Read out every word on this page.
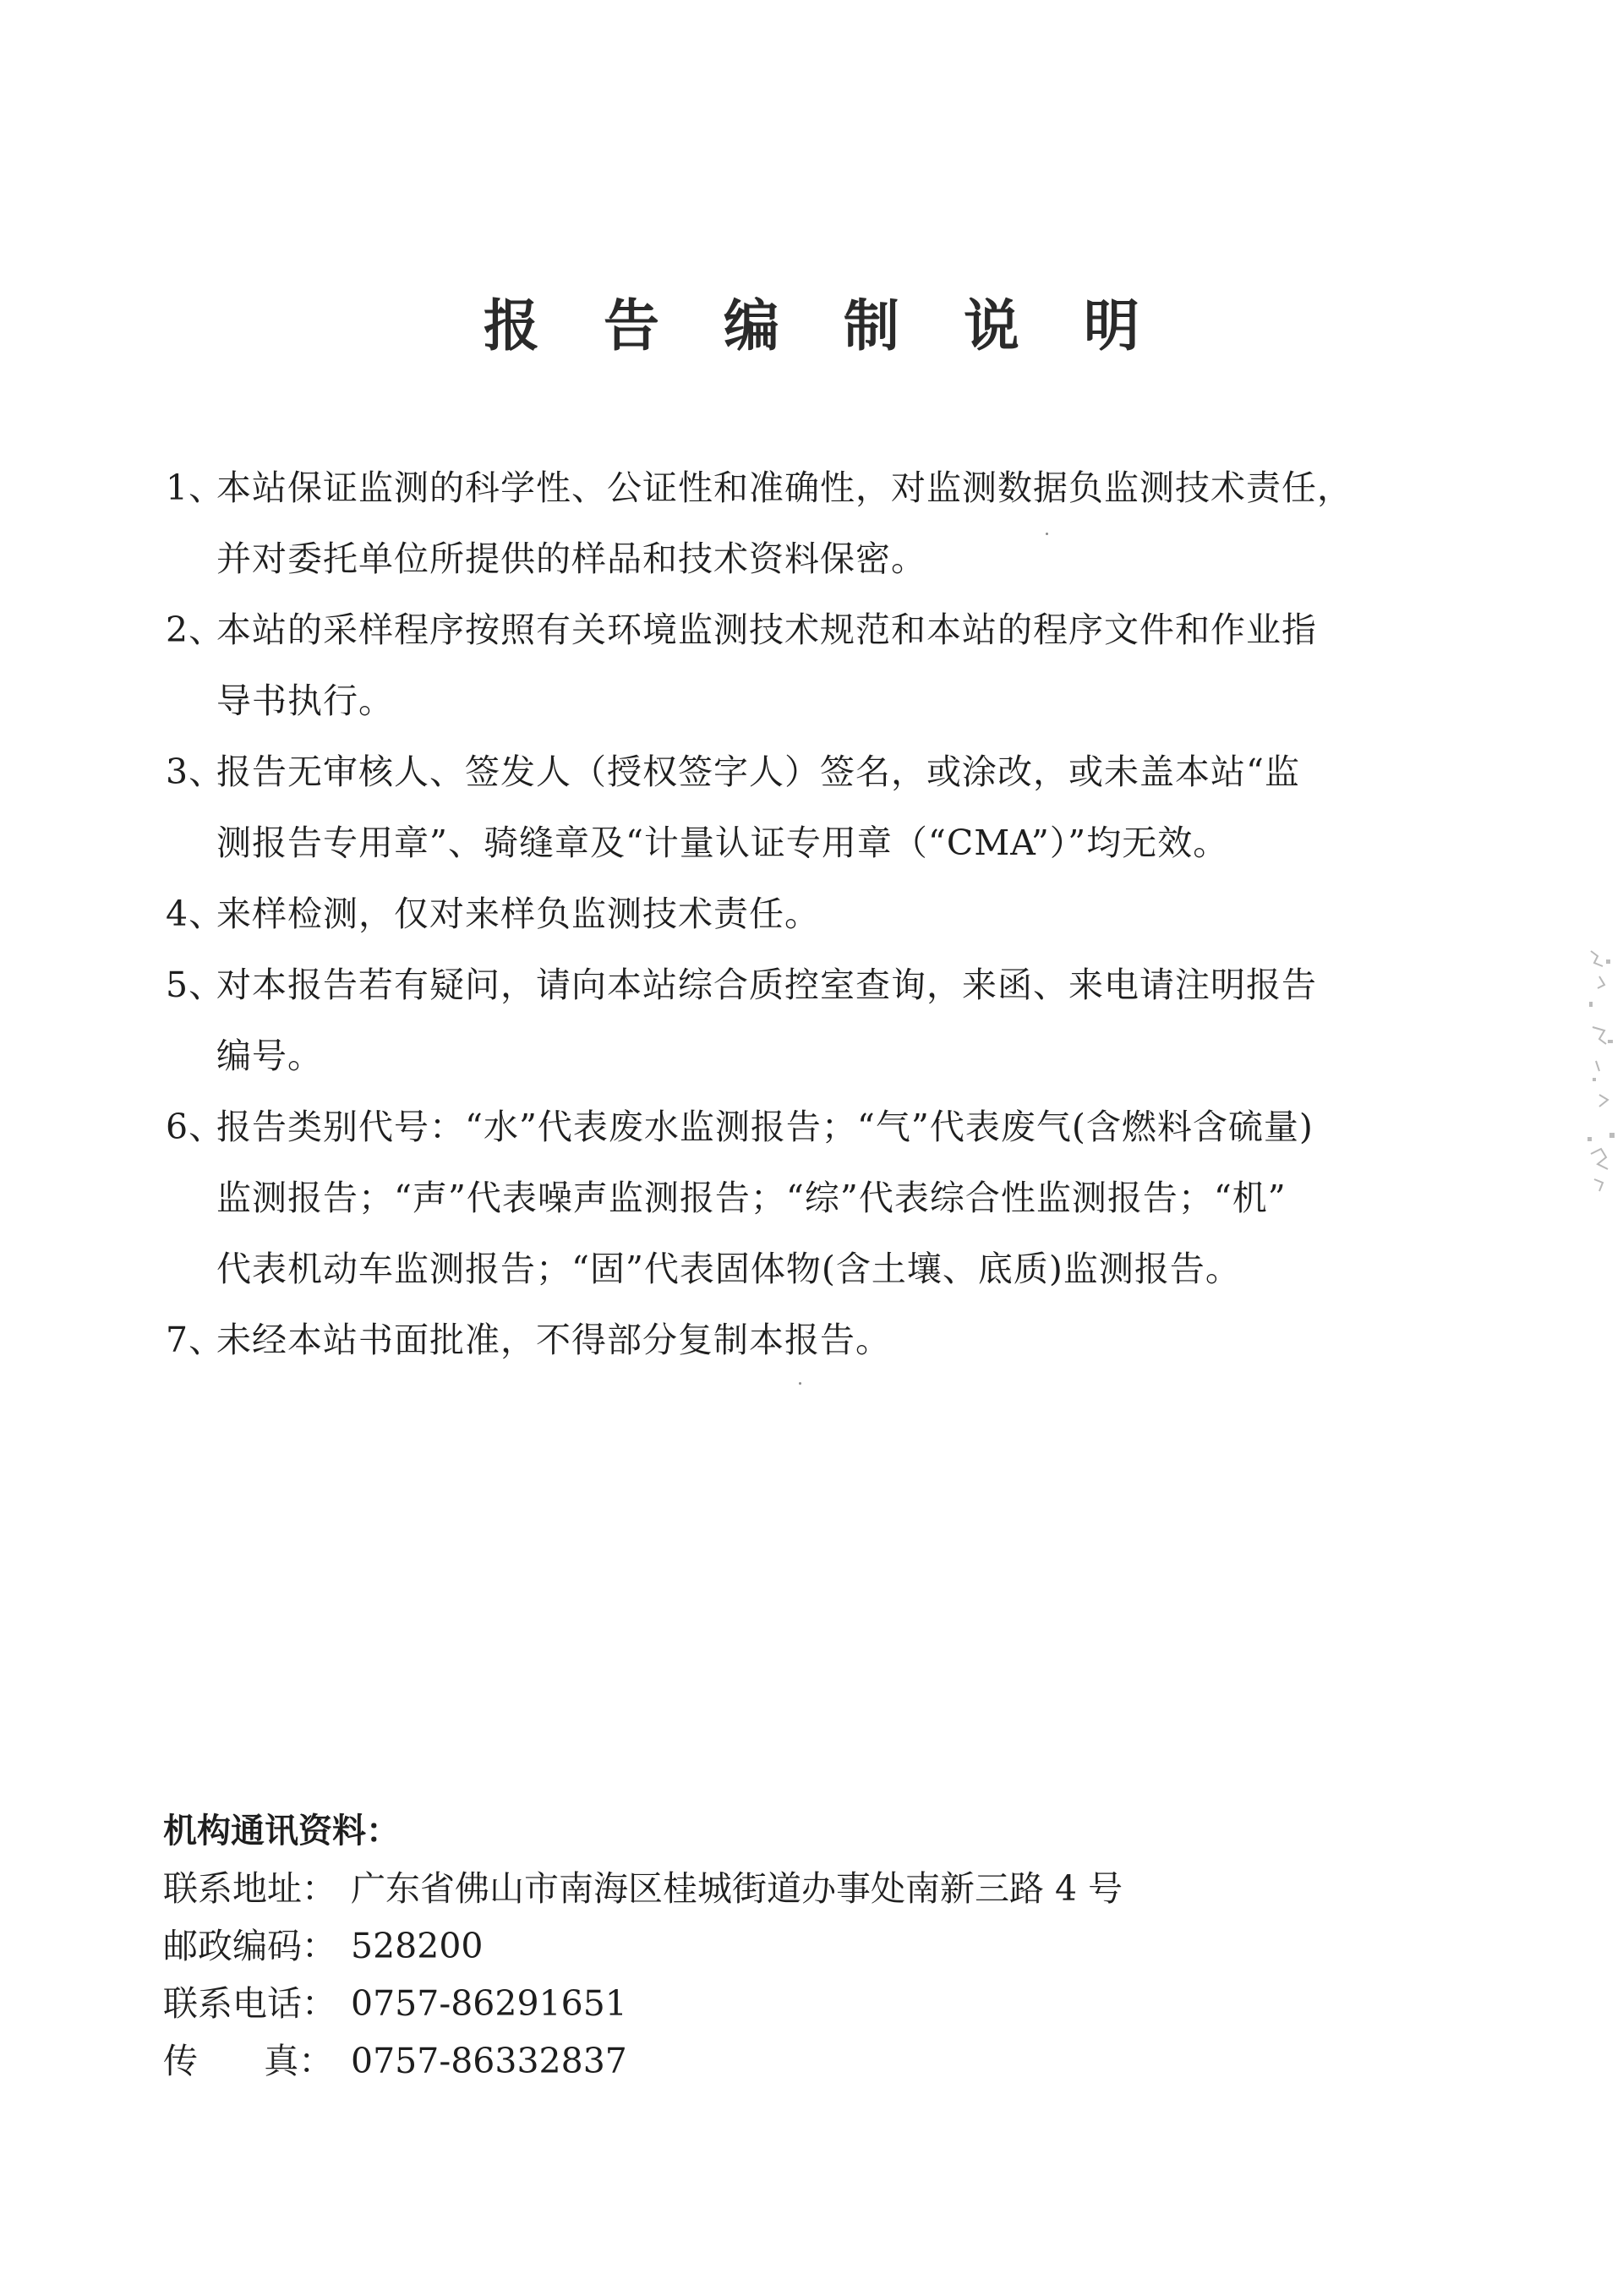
报 告 编 制 说 明
1、
本站保证监测的科学性、公证性和准确性，对监测数据负监测技术责任，
并对委托单位所提供的样品和技术资料保密。
2、
本站的采样程序按照有关环境监测技术规范和本站的程序文件和作业指
导书执行。
3、
报告无审核人、签发人（授权签字人）签名，或涂改，或未盖本站“监
测报告专用章”、骑缝章及“计量认证专用章（“CMA”）”均无效。
4、
来样检测，仅对来样负监测技术责任。
5、
对本报告若有疑问，请向本站综合质控室查询，来函、来电请注明报告
编号。
6、
报告类别代号：“水”代表废水监测报告；“气”代表废气(含燃料含硫量)
监测报告；“声”代表噪声监测报告；“综”代表综合性监测报告；“机”
代表机动车监测报告；“固”代表固体物(含土壤、底质)监测报告。
7、
未经本站书面批准，不得部分复制本报告。
机构通讯资料：
联系地址： 广东省佛山市南海区桂城街道办事处南新三路 4 号
邮政编码： 528200
联系电话： 0757-86291651
传      真： 0757-86332837
